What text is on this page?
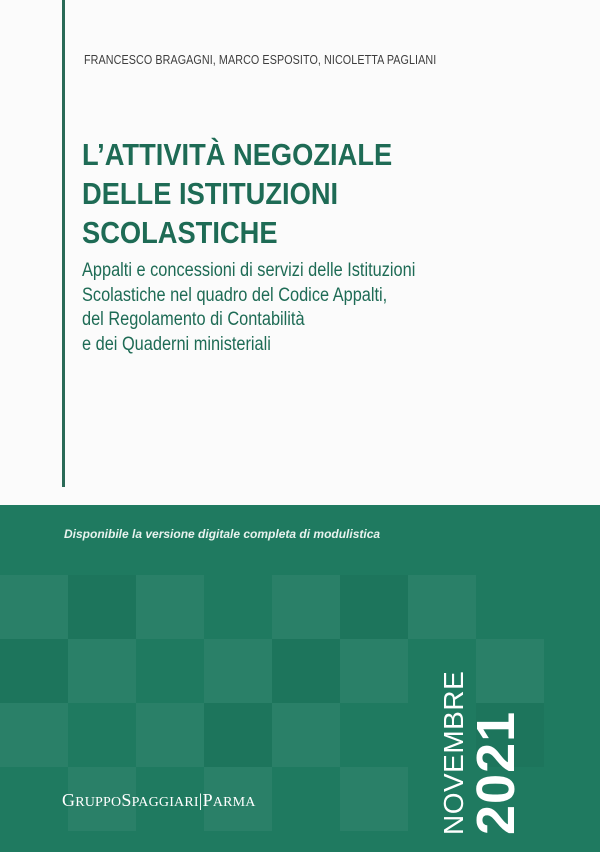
FRANCESCO BRAGAGNI, MARCO ESPOSITO, NICOLETTA PAGLIANI
L’ATTIVITÀ NEGOZIALE
DELLE ISTITUZIONI
SCOLASTICHE
Appalti e concessioni di servizi delle Istituzioni
Scolastiche nel quadro del Codice Appalti,
del Regolamento di Contabilità
e dei Quaderni ministeriali
Disponibile la versione digitale completa di modulistica
GRUPPOSPAGGIARI|PARMA	NOVEMBRE
2021
